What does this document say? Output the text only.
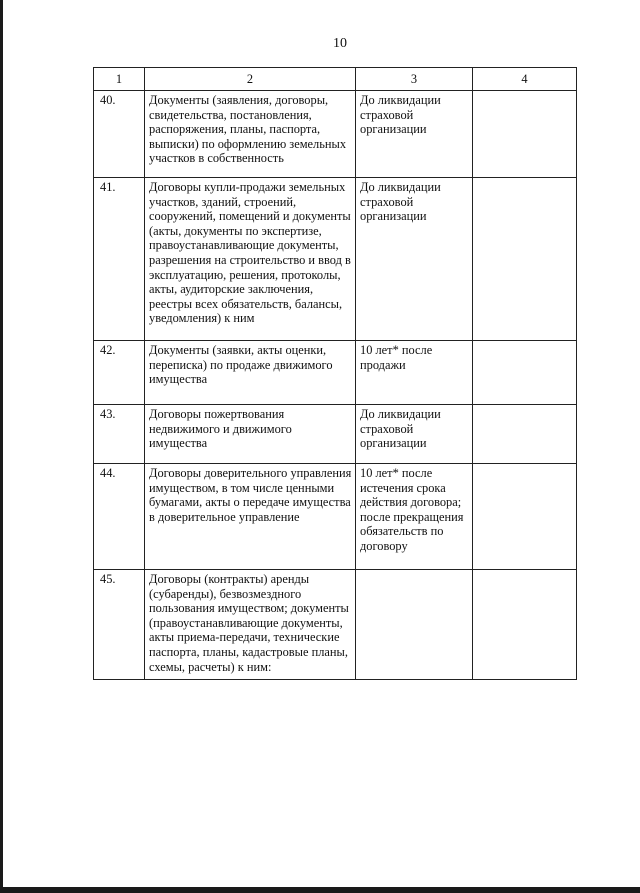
10
1	2	3	4
40.	Документы (заявления, договоры, свидетельства, постановления, распоряжения, планы, паспорта, выписки) по оформлению земельных участков в собственность	До ликвидации страховой организации	
41.	Договоры купли-продажи земельных участков, зданий, строений, сооружений, помещений и документы (акты, документы по экспертизе, правоустанавливающие документы, разрешения на строительство и ввод в эксплуатацию, решения, протоколы, акты, аудиторские заключения, реестры всех обязательств, балансы, уведомления) к ним	До ликвидации страховой организации	
42.	Документы (заявки, акты оценки, переписка) по продаже движимого имущества	10 лет* после продажи	
43.	Договоры пожертвования недвижимого и движимого имущества	До ликвидации страховой организации	
44.	Договоры доверительного управления имуществом, в том числе ценными бумагами, акты о передаче имущества в доверительное управление	10 лет* после истечения срока действия договора; после прекращения обязательств по договору	
45.	Договоры (контракты) аренды (субаренды), безвозмездного пользования имуществом; документы (правоустанавливающие документы, акты приема-передачи, технические паспорта, планы, кадастровые планы, схемы, расчеты) к ним:		
